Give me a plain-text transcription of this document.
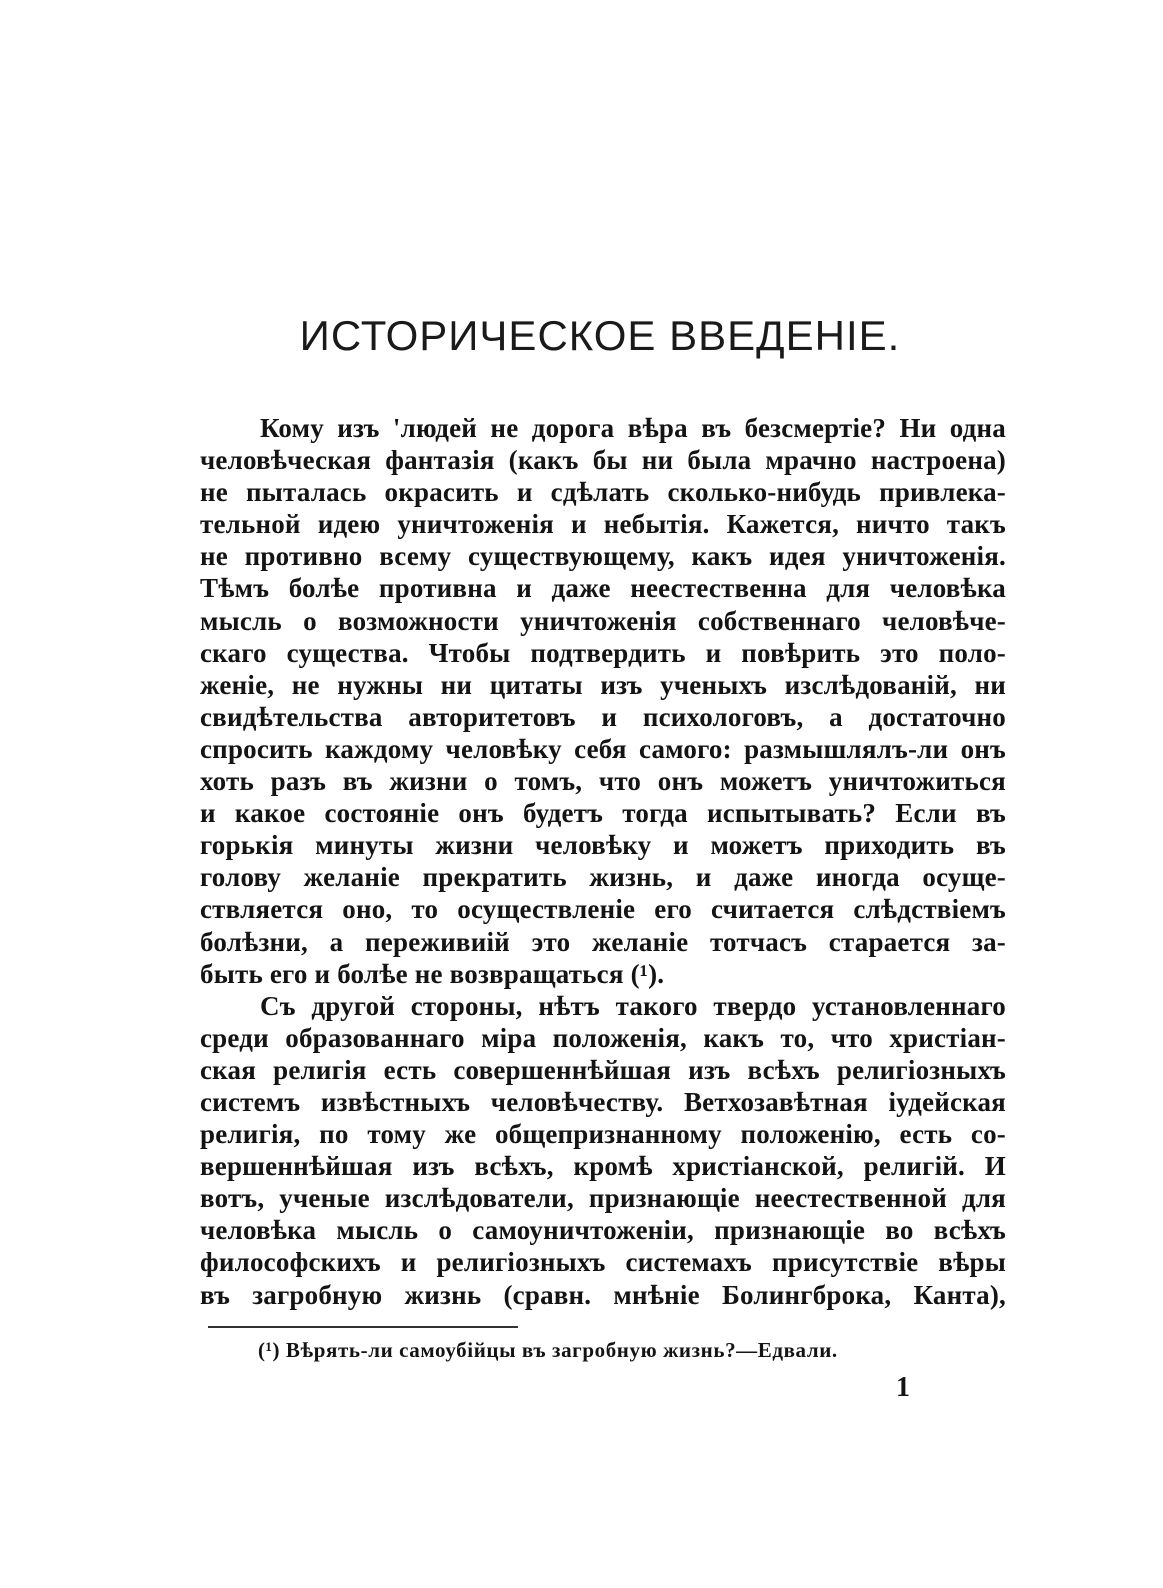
ИСТОРИЧЕСКОЕ ВВЕДЕНІЕ.
Кому изъ 'людей не дорога вѣра въ безсмертіе? Ни одна
человѣческая фантазія (какъ бы ни была мрачно настроена)
не пыталась окрасить и сдѣлать сколько-нибудь привлека-
тельной идею уничтоженія и небытія. Кажется, ничто такъ
не противно всему существующему, какъ идея уничтоженія.
Тѣмъ болѣе противна и даже неестественна для человѣка
мысль о возможности уничтоженія собственнаго человѣче-
скаго существа. Чтобы подтвердить и повѣрить это поло-
женіе, не нужны ни цитаты изъ ученыхъ изслѣдованій, ни
свидѣтельства авторитетовъ и психологовъ, а достаточно
спросить каждому человѣку себя самого: размышлялъ-ли онъ
хоть разъ въ жизни о томъ, что онъ можетъ уничтожиться
и какое состояніе онъ будетъ тогда испытывать? Если въ
горькія минуты жизни человѣку и можетъ приходить въ
голову желаніе прекратить жизнь, и даже иногда осуще-
ствляется оно, то осуществленіе его считается слѣдствіемъ
болѣзни, а переживиій это желаніе тотчасъ старается за-
быть его и болѣе не возвращаться (¹).
Съ другой стороны, нѣтъ такого твердо установленнаго
среди образованнаго міра положенія, какъ то, что христіан-
ская религія есть совершеннѣйшая изъ всѣхъ религіозныхъ
системъ извѣстныхъ человѣчеству. Ветхозавѣтная іудейская
религія, по тому же общепризнанному положенію, есть со-
вершеннѣйшая изъ всѣхъ, кромѣ христіанской, религій. И
вотъ, ученые изслѣдователи, признающіе неестественной для
человѣка мысль о самоуничтоженіи, признающіе во всѣхъ
философскихъ и религіозныхъ системахъ присутствіе вѣры
въ загробную жизнь (сравн. мнѣніе Болингброка, Канта),
(¹) Вѣрять-ли самоубійцы въ загробную жизнь?—Едвали.
1
